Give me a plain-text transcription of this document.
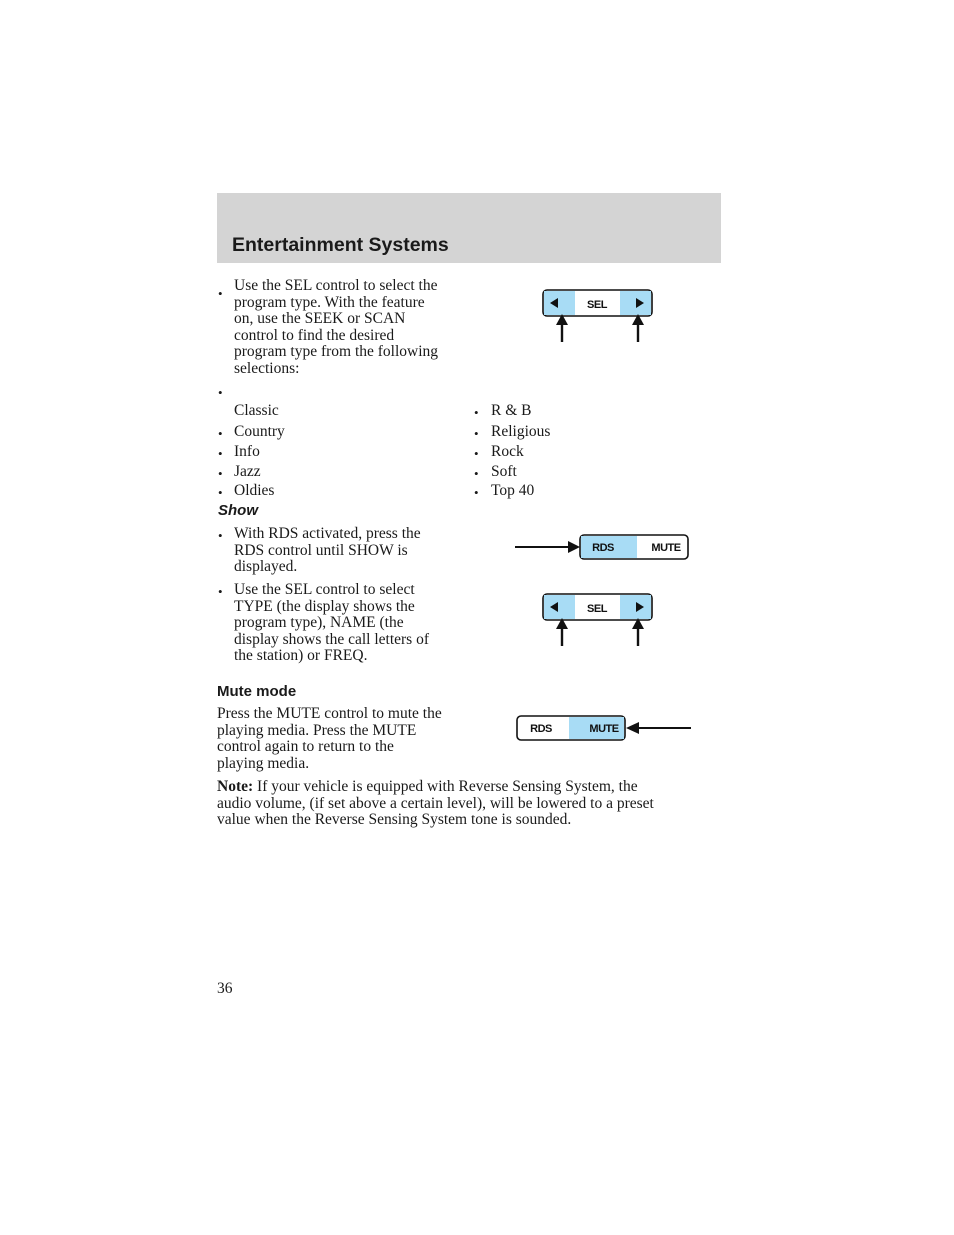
Entertainment Systems
• Use the SEL control to select the
program type. With the feature
on, use the SEEK or SCAN
control to find the desired
program type from the following
selections:
SEL
•
Classic
• Country
• Info
• Jazz
• Oldies
• R & B
• Religious
• Rock
• Soft
• Top 40
Show
• With RDS activated, press the
RDS control until SHOW is
displayed.
• Use the SEL control to select
TYPE (the display shows the
program type), NAME (the
display shows the call letters of
the station) or FREQ.
RDS	MUTE
SEL
Mute mode
Press the MUTE control to mute the
playing media. Press the MUTE
control again to return to the
playing media.
RDS	MUTE
Note: If your vehicle is equipped with Reverse Sensing System, the
audio volume, (if set above a certain level), will be lowered to a preset
value when the Reverse Sensing System tone is sounded.
36
